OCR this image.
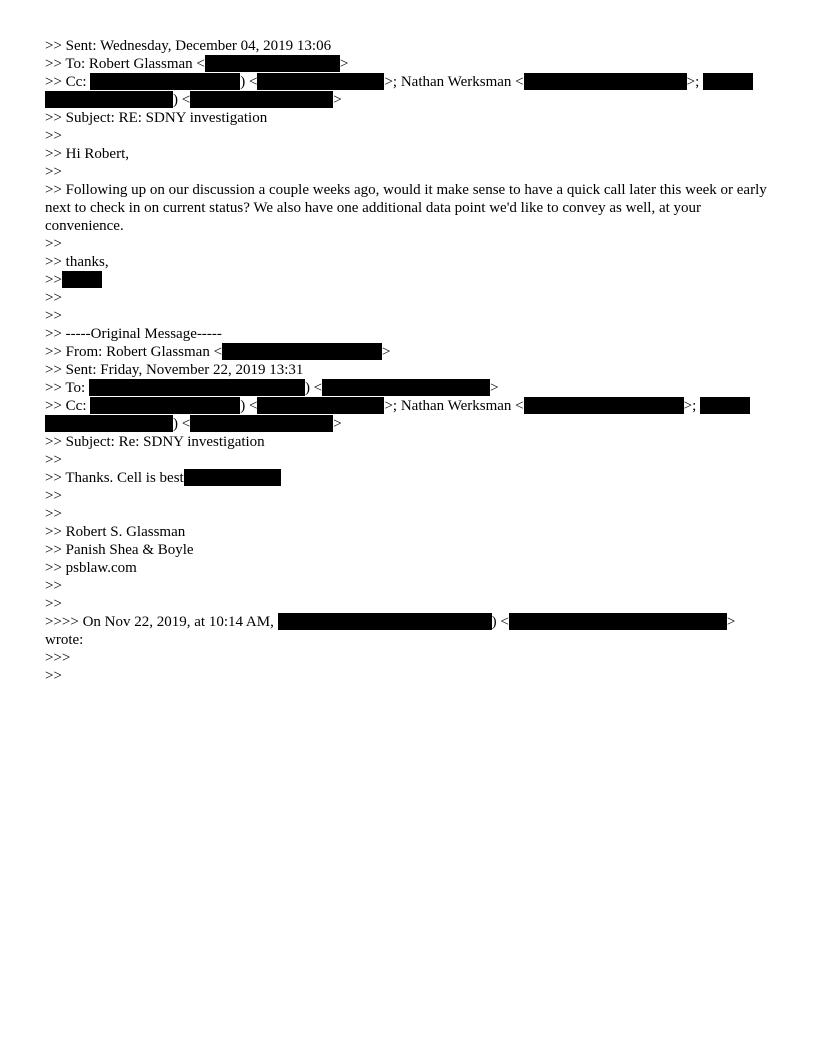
>> Sent: Wednesday, December 04, 2019 13:06
>> To: Robert Glassman <	>
>> Cc:	) <	>; Nathan Werksman <	>;
) <	>
>> Subject: RE: SDNY investigation
>>
>> Hi Robert,
>>
>> Following up on our discussion a couple weeks ago, would it make sense to have a quick call later this week or early next to check in on current status? We also have one additional data point we'd like to convey as well, at your convenience.
>>
>> thanks,
>>
>>
>>
>> -----Original Message-----
>> From: Robert Glassman <	>
>> Sent: Friday, November 22, 2019 13:31
>> To:	) <	>
>> Cc:	) <	>; Nathan Werksman <	>;
) <	>
>> Subject: Re: SDNY investigation
>>
>> Thanks. Cell is best
>>
>>
>> Robert S. Glassman
>> Panish Shea & Boyle
>> psblaw.com
>>
>>
>>>> On Nov 22, 2019, at 10:14 AM,	) <	>
wrote:
>>>
>>
